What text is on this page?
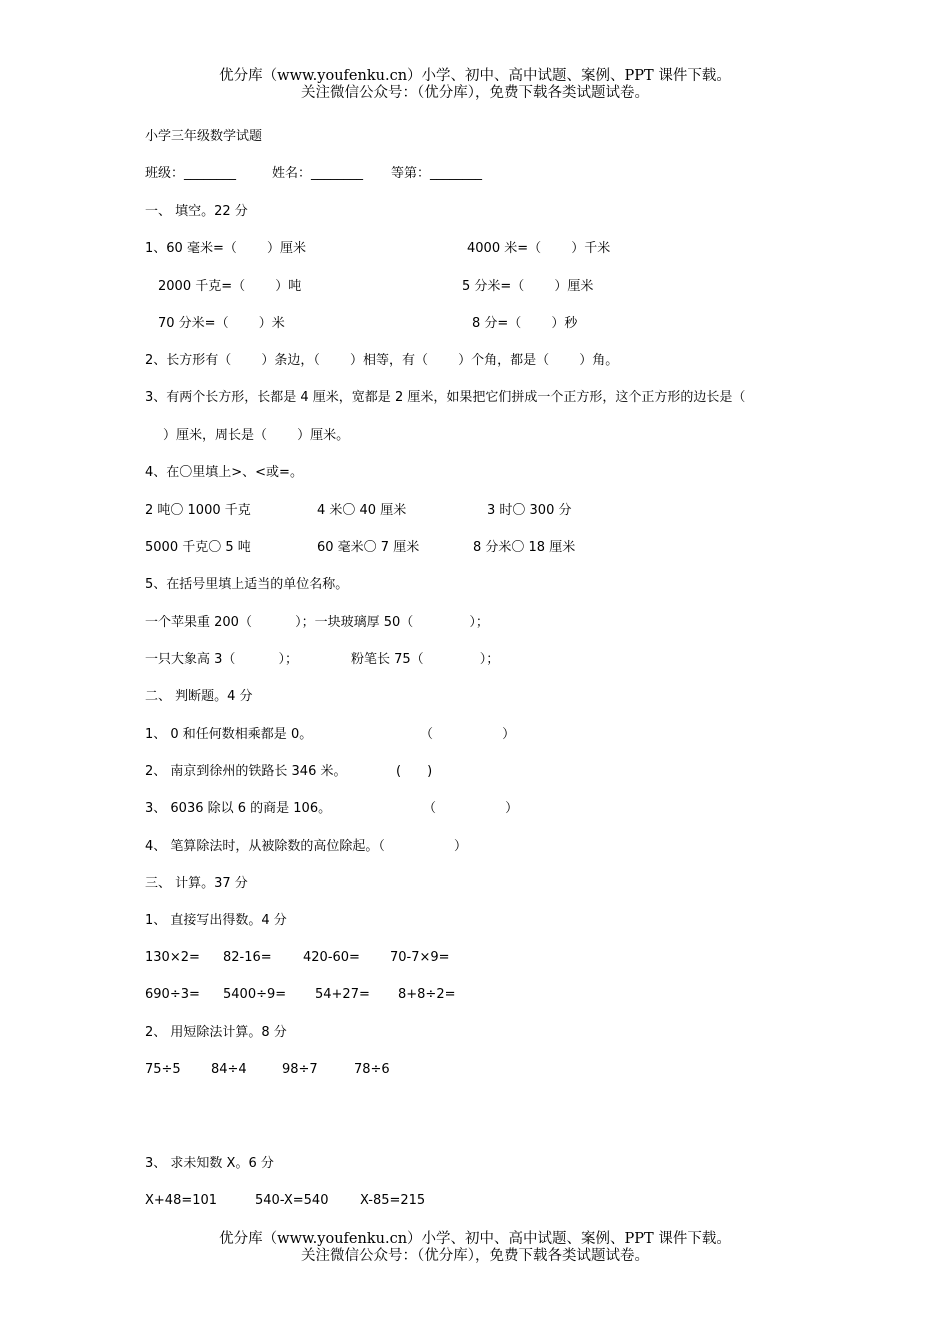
优分库（www.youfenku.cn）小学、初中、高中试题、案例、PPT 课件下载。
关注微信公众号：（优分库），免费下载各类试题试卷。
小学三年级数学试题
班级：________	姓名：________ 等第：________
一、 填空。22 分
1、60 毫米=（　　 ）厘米	4000 米=（　　 ）千米
2000 千克=（　　 ）吨	5 分米=（　　 ）厘米
70 分米=（　　 ）米	8 分=（　　 ）秒
2、长方形有（　　 ）条边，（　　 ）相等，有（　　 ）个角，都是（　　 ）角。
3、有两个长方形，长都是 4 厘米，宽都是 2 厘米，如果把它们拼成一个正方形，这个正方形的边长是（
）厘米，周长是（　　 ）厘米。
4、在〇里填上>、<或=。
2 吨〇 1000 千克	4 米〇 40 厘米	3 时〇 300 分
5000 千克〇 5 吨	60 毫米〇 7 厘米	8 分米〇 18 厘米
5、在括号里填上适当的单位名称。
一个苹果重 200（　　　 ）；一块玻璃厚 50（　　　　 ）；
一只大象高 3（　　　 ）；	粉笔长 75（　　　　 ）；
二、 判断题。4 分
1、 0 和任何数相乘都是 0。	（　　　　　 ）
2、 南京到徐州的铁路长 346 米。	(　　)
3、 6036 除以 6 的商是 106。	（　　　　　 ）
4、 笔算除法时，从被除数的高位除起。（　　　　　 ）
三、 计算。37 分
1、 直接写出得数。4 分
130×2= 82-16= 420-60= 70-7×9=
690÷3= 5400÷9= 54+27= 8+8÷2=
2、 用短除法计算。8 分
75÷5 84÷4	98÷7	78÷6
3、 求未知数 X。6 分
X+48=101	540-X=540 X-85=215
优分库（www.youfenku.cn）小学、初中、高中试题、案例、PPT 课件下载。
关注微信公众号：（优分库），免费下载各类试题试卷。
